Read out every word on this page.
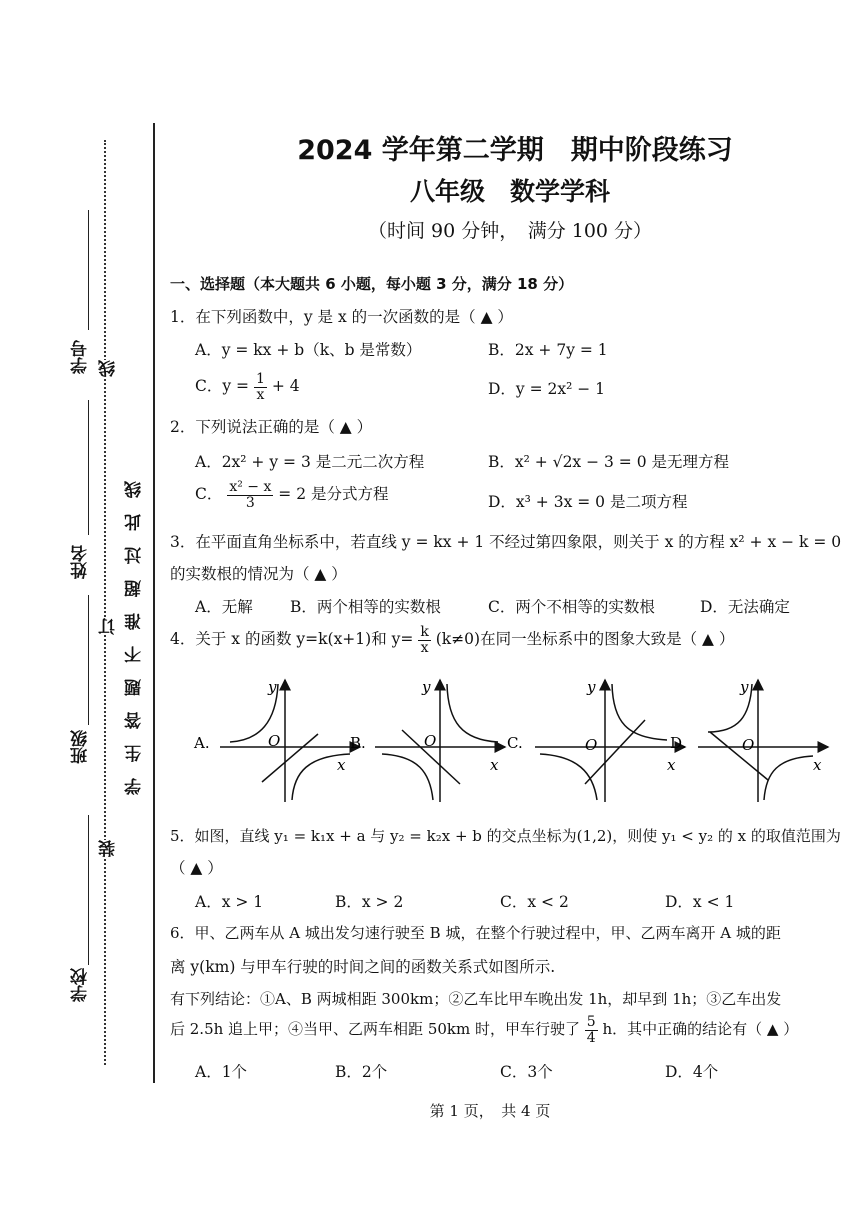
学号
姓名
班级
学校
线
订
装
学生答题不准超过此线
2024 学年第二学期　期中阶段练习
八年级　数学学科
（时间 90 分钟，　满分 100 分）
一、选择题（本大题共 6 小题，每小题 3 分，满分 18 分）
1．在下列函数中，y 是 x 的一次函数的是（ ▲ ）
A．y = kx + b（k、b 是常数）	B．2x + 7y = 1
C．$y = \frac{1}{x} + 4$	D．y = 2x² − 1
2．下列说法正确的是（ ▲ ）
A．2x² + y = 3 是二元二次方程	B．x² + √2x − 3 = 0 是无理方程
C． $\frac{\text{x² − x}}{3} = 2$ 是分式方程	D．x³ + 3x = 0 是二项方程
3．在平面直角坐标系中，若直线 y = kx + 1 不经过第四象限，则关于 x 的方程 x² + x − k = 0
的实数根的情况为（ ▲ ）
A．无解 B．两个相等的实数根	C．两个不相等的实数根	D．无法确定
4．关于 x 的函数 y=k(x+1)和 $y= \frac{k}{x} (k\ne 0)$在同一坐标系中的图象大致是（ ▲ ）
A.
x
y
O	B.
x
y
O	C.
x
y
O	D.
x
y
O
5．如图，直线 y₁ = k₁x + a 与 y₂ = k₂x + b 的交点坐标为(1,2)，则使 y₁ < y₂ 的 x 的取值范围为
（ ▲ ）
A．x > 1	B．x > 2	C．x < 2	D．x < 1
6．甲、乙两车从 A 城出发匀速行驶至 B 城，在整个行驶过程中，甲、乙两车离开 A 城的距
离 y(km) 与甲车行驶的时间之间的函数关系式如图所示.
有下列结论：①A、B 两城相距 300km；②乙车比甲车晚出发 1h，却早到 1h；③乙车出发
后 2.5h 追上甲；④当甲、乙两车相距 50km 时，甲车行驶了 $\frac{5}{4}$ h．其中正确的结论有（ ▲ ）
A．1个	B．2个	C．3个	D．4个
第 1 页，　共 4 页
